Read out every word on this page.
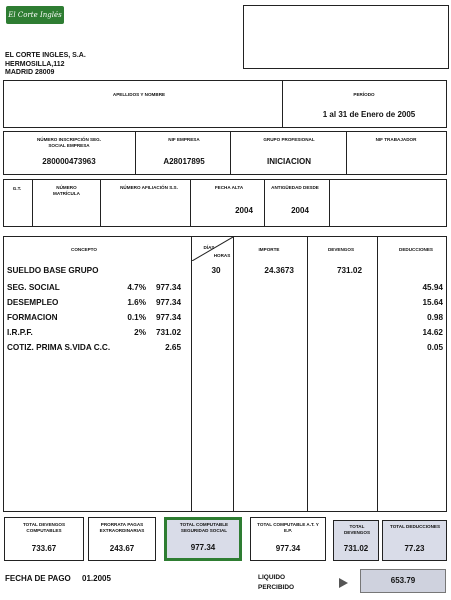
El Corte Inglés
EL CORTE INGLES, S.A.
HERMOSILLA,112
MADRID 28009
APELLIDOS Y NOMBRE	PERÍODO
1 al 31 de Enero de 2005
NÚMERO INSCRIPCIÓN SEG. SOCIAL EMPRESA
280000473963
NIF EMPRESA
A28017895
GRUPO PROFESIONAL
INICIACION
NIF TRABAJADOR
G.T.	NÚMERO MATRÍCULA
NÚMERO AFILIACIÓN S.S.	FECHA ALTA
2004
ANTIGÜEDAD DESDE
2004
CONCEPTO	DÍAS
HORAS
IMPORTE	DEVENGOS	DEDUCCIONES
SUELDO BASE GRUPO	30	24.3673	731.02
SEG. SOCIAL	4.7%	977.34	45.94
DESEMPLEO	1.6%	977.34	15.64
FORMACION	0.1%	977.34	0.98
I.R.P.F.	2%	731.02	14.62
COTIZ. PRIMA S.VIDA C.C.	2.65	0.05
TOTAL DEVENGOS COMPUTABLES
733.67
PRORRATA PAGAS EXTRAORDINARIAS
243.67
TOTAL COMPUTABLE SEGURIDAD SOCIAL
977.34
TOTAL COMPUTABLE A.T. Y E.P.
977.34
TOTAL DEVENGOS
731.02
TOTAL DEDUCCIONES
77.23
FECHA DE PAGO 01.2005	LIQUIDO
PERCIBIDO
653.79
